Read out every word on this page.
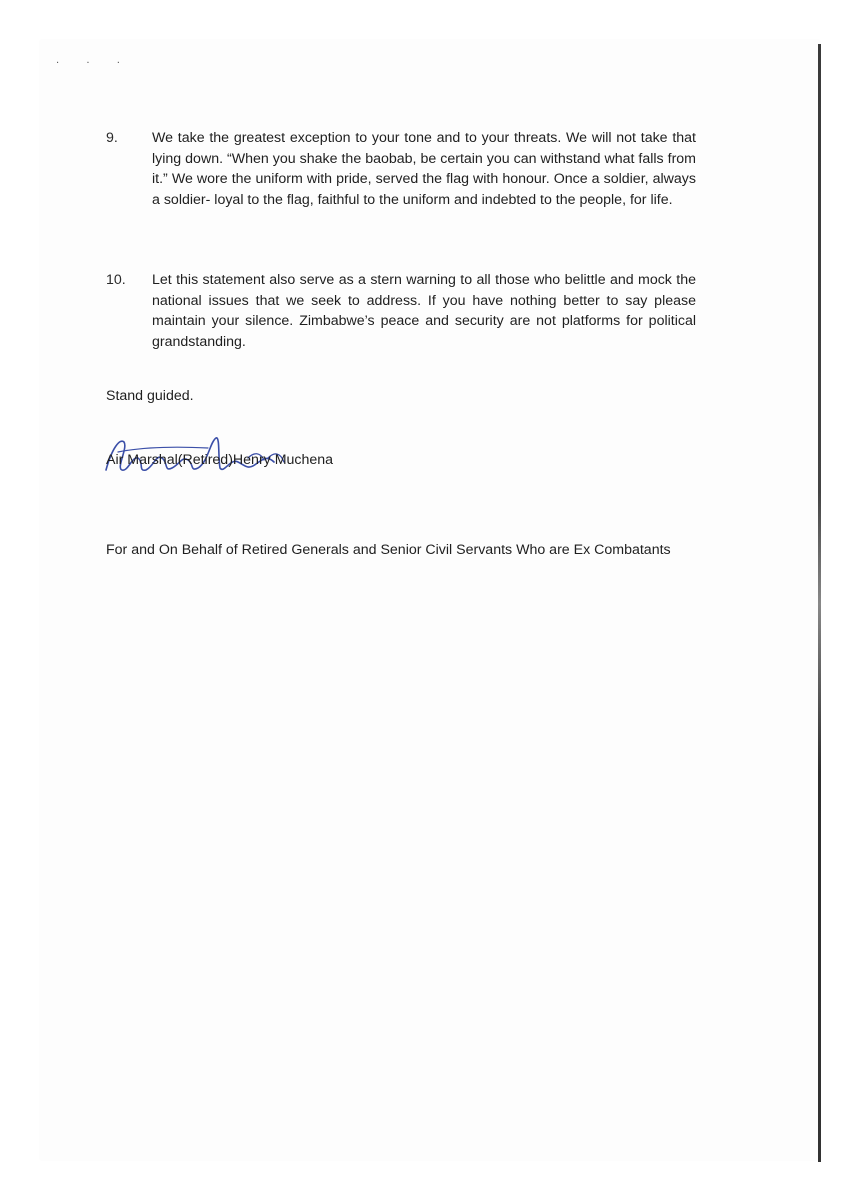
· · ·
9. We take the greatest exception to your tone and to your threats. We will not take that lying down. “When you shake the baobab, be certain you can withstand what falls from it.” We wore the uniform with pride, served the flag with honour. Once a soldier, always a soldier- loyal to the flag, faithful to the uniform and indebted to the people, for life.
10. Let this statement also serve as a stern warning to all those who belittle and mock the national issues that we seek to address. If you have nothing better to say please maintain your silence. Zimbabwe’s peace and security are not platforms for political grandstanding.
Stand guided.
Air Marshal(Retired)Henry Muchena
For and On Behalf of Retired Generals and Senior Civil Servants Who are Ex Combatants
